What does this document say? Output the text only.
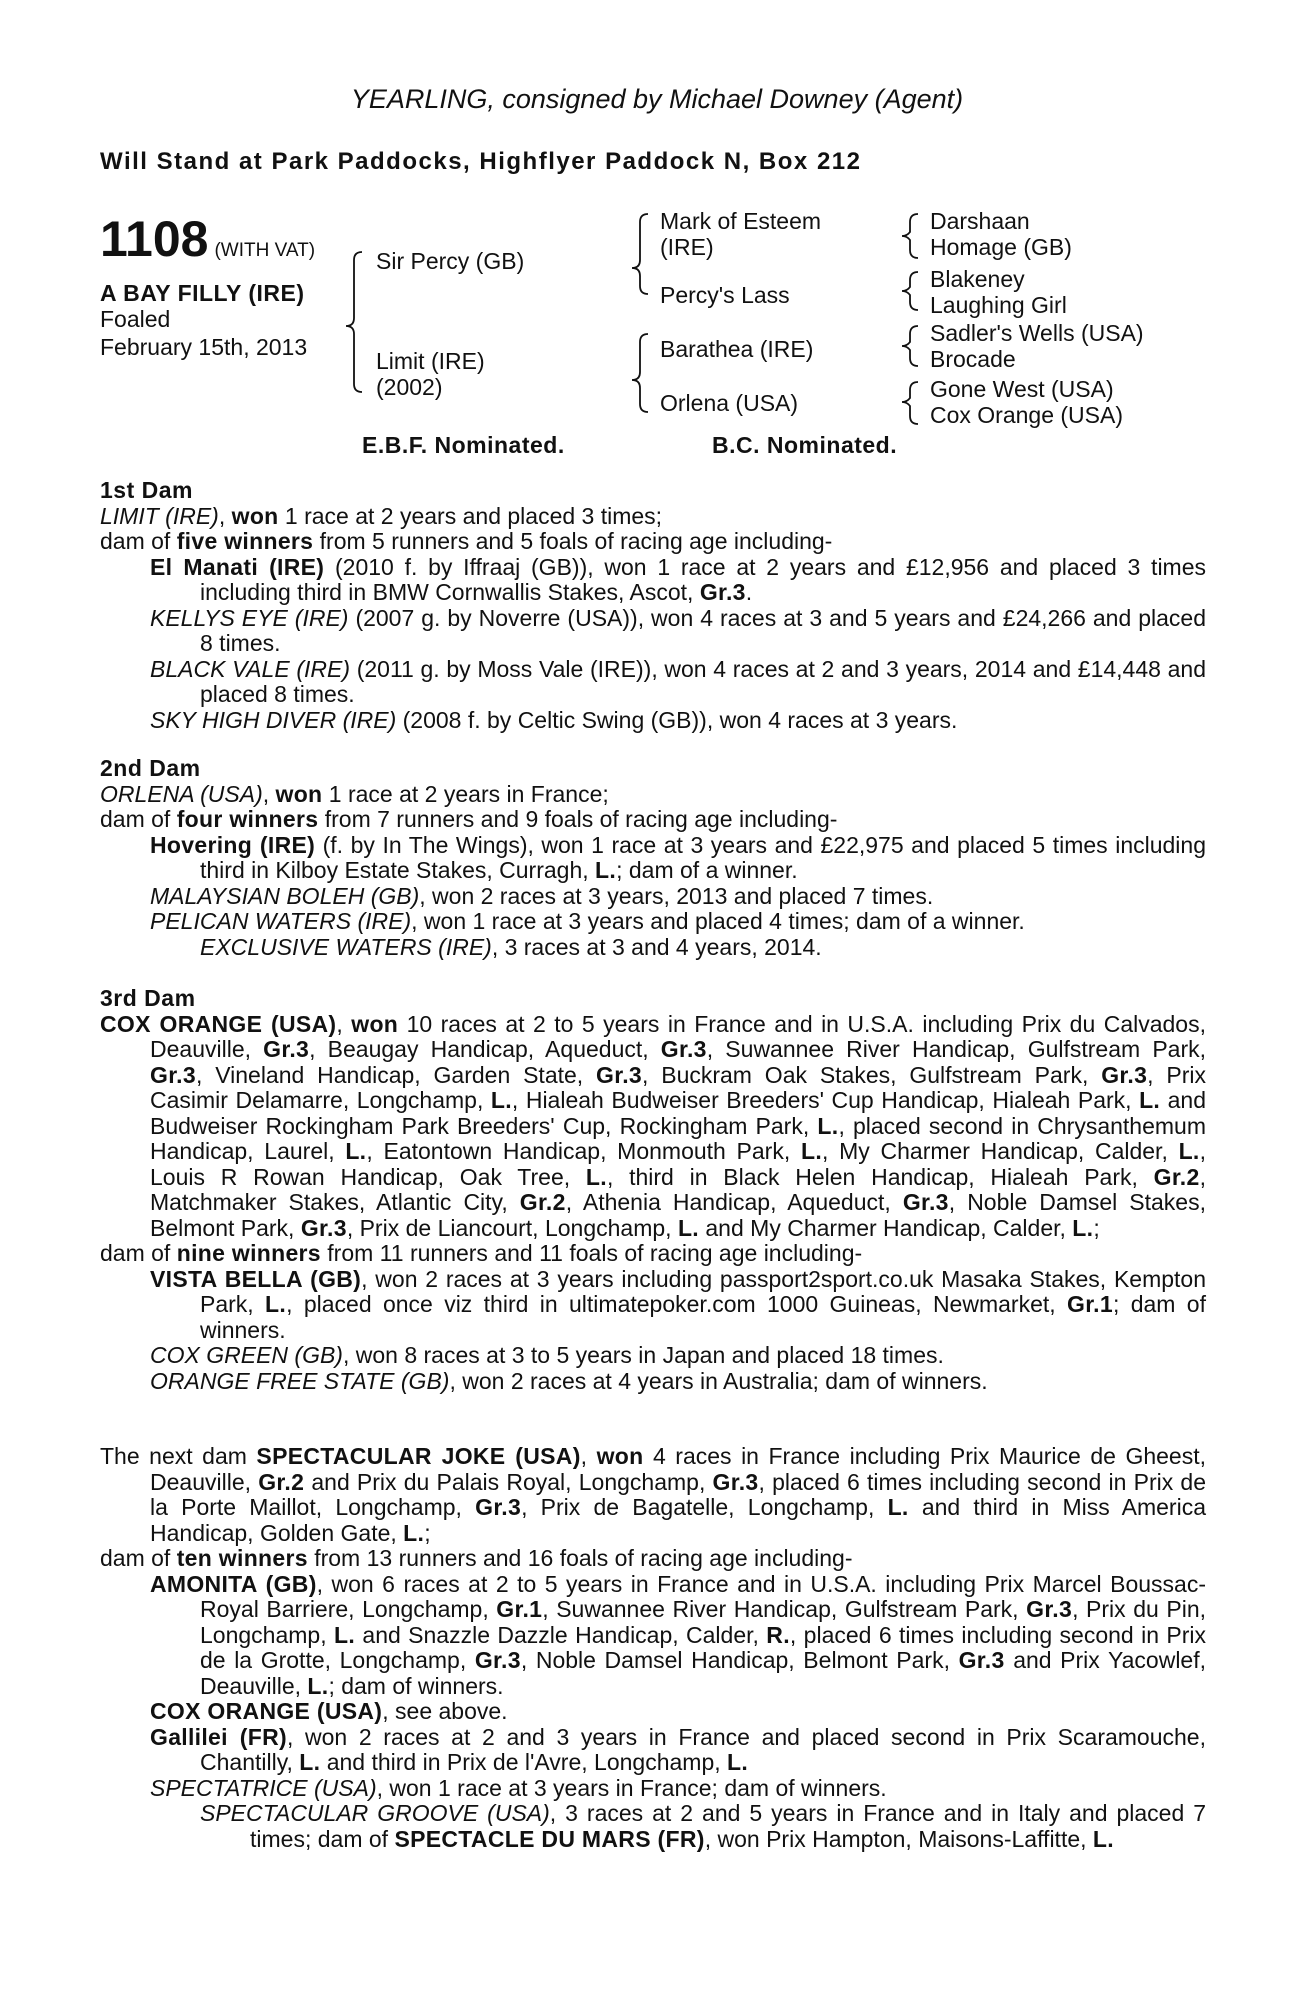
YEARLING, consigned by Michael Downey (Agent)
Will Stand at Park Paddocks, Highflyer Paddock N, Box 212
1108 (WITH VAT)
A BAY FILLY (IRE)
Foaled
February 15th, 2013
Sir Percy (GB)
Limit (IRE)
(2002)
Mark of Esteem
(IRE)
Percy's Lass
Barathea (IRE)
Orlena (USA)
Darshaan
Homage (GB)
Blakeney
Laughing Girl
Sadler's Wells (USA)
Brocade
Gone West (USA)
Cox Orange (USA)
E.B.F. Nominated.	B.C. Nominated.
1st Dam

LIMIT (IRE), won 1 race at 2 years and placed 3 times;

dam of five winners from 5 runners and 5 foals of racing age including-

El Manati (IRE) (2010 f. by Iffraaj (GB)), won 1 race at 2 years and £12,956 and placed 3 times including third in BMW Cornwallis Stakes, Ascot, Gr.3.

KELLYS EYE (IRE) (2007 g. by Noverre (USA)), won 4 races at 3 and 5 years and £24,266 and placed 8 times.

BLACK VALE (IRE) (2011 g. by Moss Vale (IRE)), won 4 races at 2 and 3 years, 2014 and £14,448 and placed 8 times.

SKY HIGH DIVER (IRE) (2008 f. by Celtic Swing (GB)), won 4 races at 3 years.

2nd Dam

ORLENA (USA), won 1 race at 2 years in France;

dam of four winners from 7 runners and 9 foals of racing age including-

Hovering (IRE) (f. by In The Wings), won 1 race at 3 years and £22,975 and placed 5 times including third in Kilboy Estate Stakes, Curragh, L.; dam of a winner.

MALAYSIAN BOLEH (GB), won 2 races at 3 years, 2013 and placed 7 times.

PELICAN WATERS (IRE), won 1 race at 3 years and placed 4 times; dam of a winner.

EXCLUSIVE WATERS (IRE), 3 races at 3 and 4 years, 2014.

3rd Dam

COX ORANGE (USA), won 10 races at 2 to 5 years in France and in U.S.A. including Prix du Calvados, Deauville, Gr.3, Beaugay Handicap, Aqueduct, Gr.3, Suwannee River Handicap, Gulfstream Park, Gr.3, Vineland Handicap, Garden State, Gr.3, Buckram Oak Stakes, Gulfstream Park, Gr.3, Prix Casimir Delamarre, Longchamp, L., Hialeah Budweiser Breeders' Cup Handicap, Hialeah Park, L. and Budweiser Rockingham Park Breeders' Cup, Rockingham Park, L., placed second in Chrysanthemum Handicap, Laurel, L., Eatontown Handicap, Monmouth Park, L., My Charmer Handicap, Calder, L., Louis R Rowan Handicap, Oak Tree, L., third in Black Helen Handicap, Hialeah Park, Gr.2, Matchmaker Stakes, Atlantic City, Gr.2, Athenia Handicap, Aqueduct, Gr.3, Noble Damsel Stakes, Belmont Park, Gr.3, Prix de Liancourt, Longchamp, L. and My Charmer Handicap, Calder, L.;

dam of nine winners from 11 runners and 11 foals of racing age including-

VISTA BELLA (GB), won 2 races at 3 years including passport2sport.co.uk Masaka Stakes, Kempton Park, L., placed once viz third in ultimatepoker.com 1000 Guineas, Newmarket, Gr.1; dam of winners.

COX GREEN (GB), won 8 races at 3 to 5 years in Japan and placed 18 times.

ORANGE FREE STATE (GB), won 2 races at 4 years in Australia; dam of winners.

The next dam SPECTACULAR JOKE (USA), won 4 races in France including Prix Maurice de Gheest, Deauville, Gr.2 and Prix du Palais Royal, Longchamp, Gr.3, placed 6 times including second in Prix de la Porte Maillot, Longchamp, Gr.3, Prix de Bagatelle, Longchamp, L. and third in Miss America Handicap, Golden Gate, L.;

dam of ten winners from 13 runners and 16 foals of racing age including-

AMONITA (GB), won 6 races at 2 to 5 years in France and in U.S.A. including Prix Marcel Boussac-Royal Barriere, Longchamp, Gr.1, Suwannee River Handicap, Gulfstream Park, Gr.3, Prix du Pin, Longchamp, L. and Snazzle Dazzle Handicap, Calder, R., placed 6 times including second in Prix de la Grotte, Longchamp, Gr.3, Noble Damsel Handicap, Belmont Park, Gr.3 and Prix Yacowlef, Deauville, L.; dam of winners.

COX ORANGE (USA), see above.

Gallilei (FR), won 2 races at 2 and 3 years in France and placed second in Prix Scaramouche, Chantilly, L. and third in Prix de l'Avre, Longchamp, L.

SPECTATRICE (USA), won 1 race at 3 years in France; dam of winners.

SPECTACULAR GROOVE (USA), 3 races at 2 and 5 years in France and in Italy and placed 7 times; dam of SPECTACLE DU MARS (FR), won Prix Hampton, Maisons-Laffitte, L.
